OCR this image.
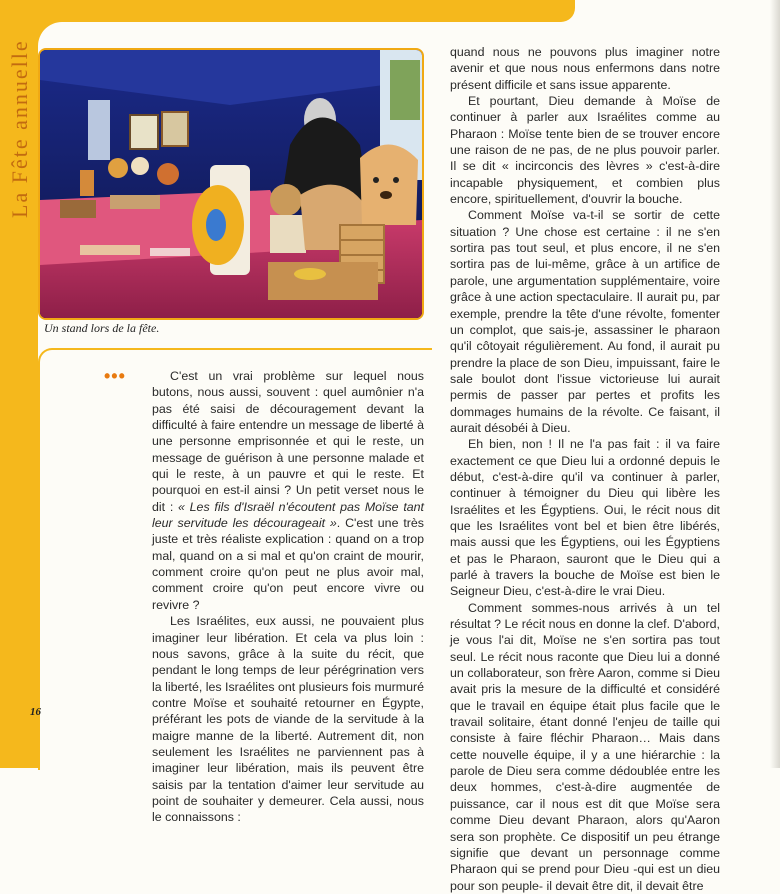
La Fête annuelle
Un stand lors de la fête.
•••	C'est un vrai problème sur lequel nous butons, nous aussi, souvent : quel aumônier n'a pas été saisi de découragement devant la difficulté à faire entendre un message de liberté à une personne emprisonnée et qui le reste, un message de guérison à une personne malade et qui le reste, à un pauvre et qui le reste. Et pourquoi en est-il ainsi ? Un petit verset nous le dit : « Les fils d'Israël n'écoutent pas Moïse tant leur servitude les décourageait ». C'est une très juste et très réaliste explication : quand on a trop mal, quand on a si mal et qu'on craint de mourir, comment croire qu'on peut ne plus avoir mal, comment croire qu'on peut encore vivre ou revivre ?

Les Israélites, eux aussi, ne pouvaient plus imaginer leur libération. Et cela va plus loin : nous savons, grâce à la suite du récit, que pendant le long temps de leur pérégrination vers la liberté, les Israélites ont plusieurs fois murmuré contre Moïse et souhaité retourner en Égypte, préférant les pots de viande de la servitude à la maigre manne de la liberté. Autrement dit, non seulement les Israélites ne parviennent pas à imaginer leur libération, mais ils peuvent être saisis par la tentation d'aimer leur servitude au point de souhaiter y demeurer. Cela aussi, nous le connaissons :

quand nous ne pouvons plus imaginer notre avenir et que nous nous enfermons dans notre présent difficile et sans issue apparente.

Et pourtant, Dieu demande à Moïse de continuer à parler aux Israélites comme au Pharaon : Moïse tente bien de se trouver encore une raison de ne pas, de ne plus pouvoir parler. Il se dit « incirconcis des lèvres » c'est-à-dire incapable physiquement, et combien plus encore, spirituellement, d'ouvrir la bouche.

Comment Moïse va-t-il se sortir de cette situation ? Une chose est certaine : il ne s'en sortira pas tout seul, et plus encore, il ne s'en sortira pas de lui-même, grâce à un artifice de parole, une argumentation supplémentaire, voire grâce à une action spectaculaire. Il aurait pu, par exemple, prendre la tête d'une révolte, fomenter un complot, que sais-je, assassiner le pharaon qu'il côtoyait régulièrement. Au fond, il aurait pu prendre la place de son Dieu, impuissant, faire le sale boulot dont l'issue victorieuse lui aurait permis de passer par pertes et profits les dommages humains de la révolte. Ce faisant, il aurait désobéi à Dieu.

Eh bien, non ! Il ne l'a pas fait : il va faire exactement ce que Dieu lui a ordonné depuis le début, c'est-à-dire qu'il va continuer à parler, continuer à témoigner du Dieu qui libère les Israélites et les Égyptiens. Oui, le récit nous dit que les Israélites vont bel et bien être libérés, mais aussi que les Égyptiens, oui les Égyptiens et pas le Pharaon, sauront que le Dieu qui a parlé à travers la bouche de Moïse est bien le Seigneur Dieu, c'est-à-dire le vrai Dieu.

Comment sommes-nous arrivés à un tel résultat ? Le récit nous en donne la clef. D'abord, je vous l'ai dit, Moïse ne s'en sortira pas tout seul. Le récit nous raconte que Dieu lui a donné un collaborateur, son frère Aaron, comme si Dieu avait pris la mesure de la difficulté et considéré que le travail en équipe était plus facile que le travail solitaire, étant donné l'enjeu de taille qui consiste à faire fléchir Pharaon… Mais dans cette nouvelle équipe, il y a une hiérarchie : la parole de Dieu sera comme dédoublée entre les deux hommes, c'est-à-dire augmentée de puissance, car il nous est dit que Moïse sera comme Dieu devant Pharaon, alors qu'Aaron sera son prophète. Ce dispositif un peu étrange signifie que devant un personnage comme Pharaon qui se prend pour Dieu -qui est un dieu pour son peuple- il devait être dit, il devait être

16
